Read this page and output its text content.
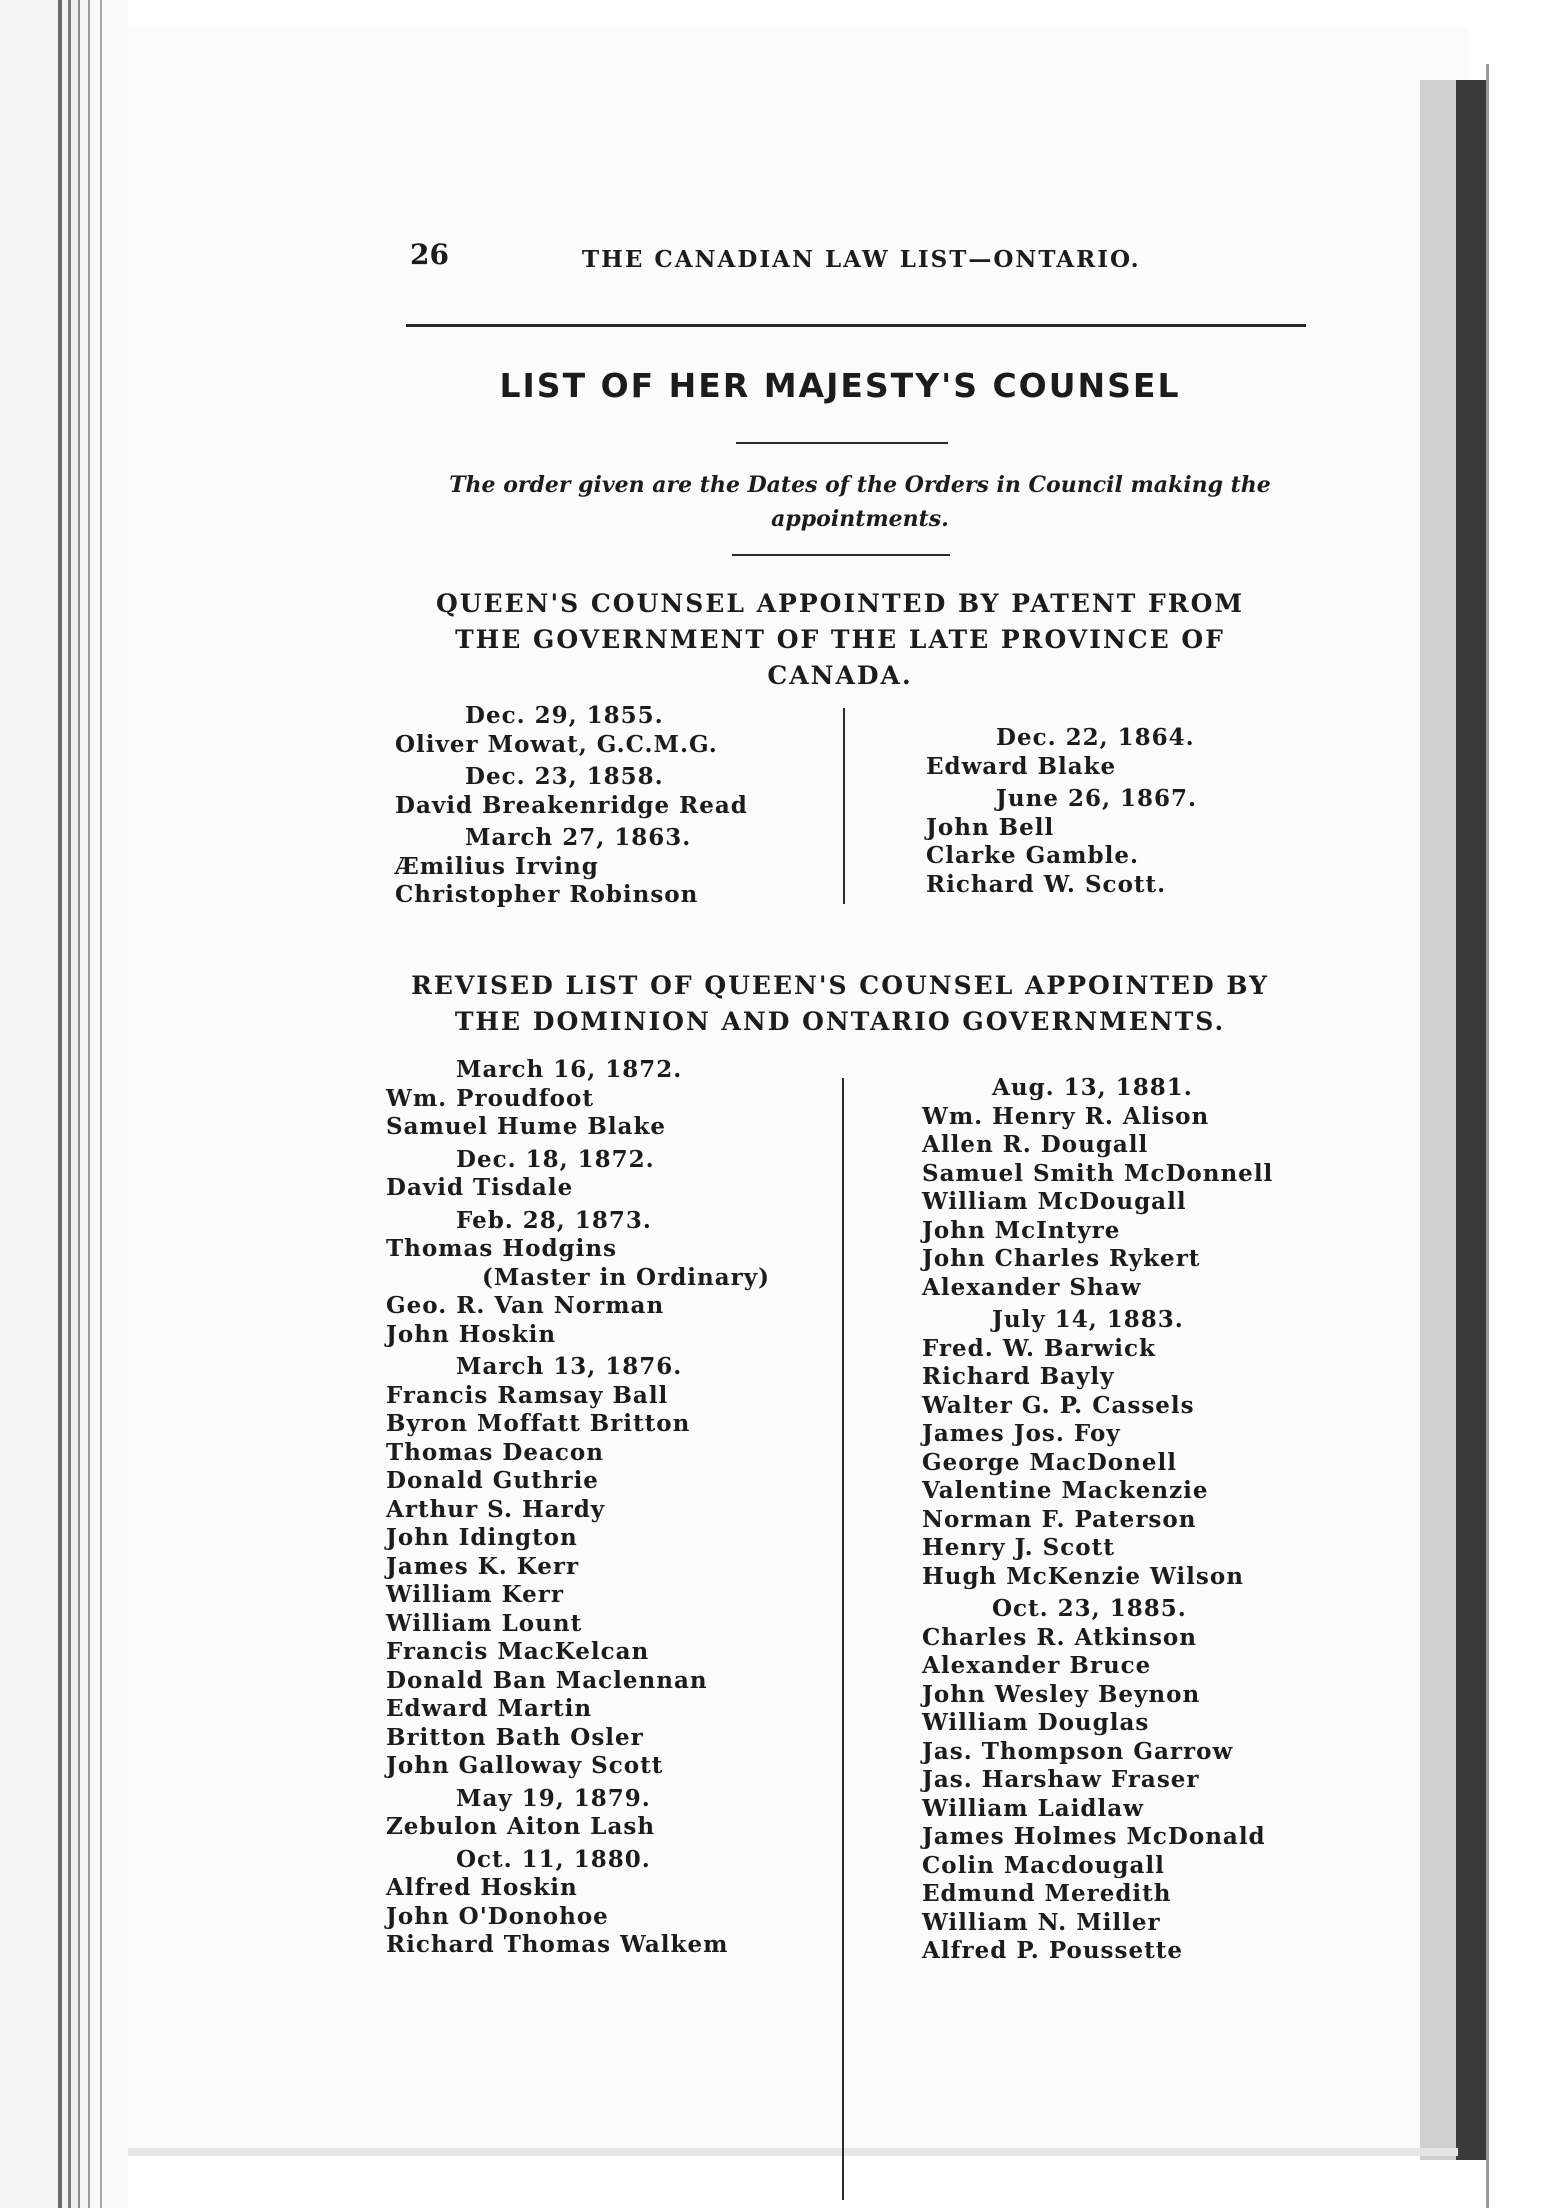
26	THE CANADIAN LAW LIST—ONTARIO.
LIST OF HER MAJESTY'S COUNSEL
The order given are the Dates of the Orders in Council making the appointments.
QUEEN'S COUNSEL APPOINTED BY PATENT FROM THE GOVERNMENT OF THE LATE PROVINCE OF CANADA.
Dec. 29, 1855.
Oliver Mowat, G.C.M.G.
Dec. 23, 1858.
David Breakenridge Read
March 27, 1863.
Æmilius Irving
Christopher Robinson
Dec. 22, 1864.
Edward Blake
June 26, 1867.
John Bell
Clarke Gamble.
Richard W. Scott.
REVISED LIST OF QUEEN'S COUNSEL APPOINTED BY THE DOMINION AND ONTARIO GOVERNMENTS.
March 16, 1872.
Wm. Proudfoot
Samuel Hume Blake
Dec. 18, 1872.
David Tisdale
Feb. 28, 1873.
Thomas Hodgins
(Master in Ordinary)
Geo. R. Van Norman
John Hoskin
March 13, 1876.
Francis Ramsay Ball
Byron Moffatt Britton
Thomas Deacon
Donald Guthrie
Arthur S. Hardy
John Idington
James K. Kerr
William Kerr
William Lount
Francis MacKelcan
Donald Ban Maclennan
Edward Martin
Britton Bath Osler
John Galloway Scott
May 19, 1879.
Zebulon Aiton Lash
Oct. 11, 1880.
Alfred Hoskin
John O'Donohoe
Richard Thomas Walkem
Aug. 13, 1881.
Wm. Henry R. Alison
Allen R. Dougall
Samuel Smith McDonnell
William McDougall
John McIntyre
John Charles Rykert
Alexander Shaw
July 14, 1883.
Fred. W. Barwick
Richard Bayly
Walter G. P. Cassels
James Jos. Foy
George MacDonell
Valentine Mackenzie
Norman F. Paterson
Henry J. Scott
Hugh McKenzie Wilson
Oct. 23, 1885.
Charles R. Atkinson
Alexander Bruce
John Wesley Beynon
William Douglas
Jas. Thompson Garrow
Jas. Harshaw Fraser
William Laidlaw
James Holmes McDonald
Colin Macdougall
Edmund Meredith
William N. Miller
Alfred P. Poussette
